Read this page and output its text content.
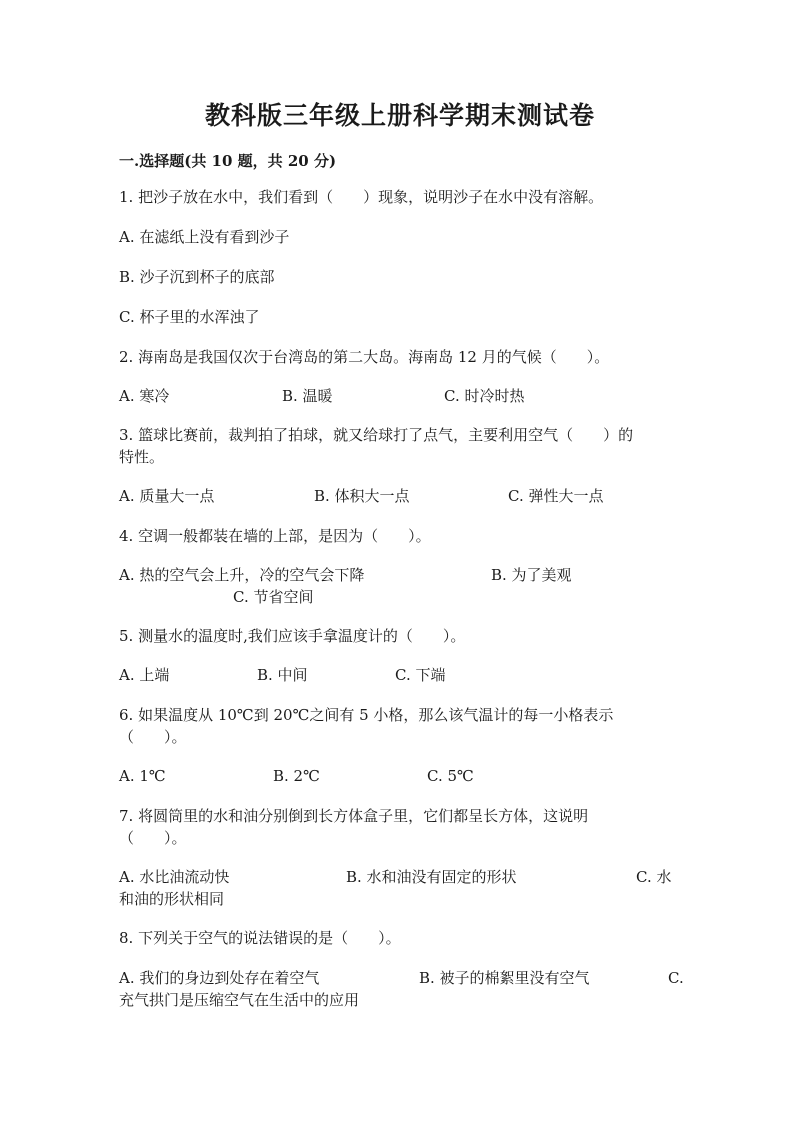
教科版三年级上册科学期末测试卷
一.选择题(共 10 题，共 20 分)
1. 把沙子放在水中，我们看到（　　）现象，说明沙子在水中没有溶解。
A. 在滤纸上没有看到沙子
B. 沙子沉到杯子的底部
C. 杯子里的水浑浊了
2. 海南岛是我国仅次于台湾岛的第二大岛。海南岛 12 月的气候（　　）。
A. 寒冷	B. 温暖	C. 时冷时热
3. 篮球比赛前，裁判拍了拍球，就又给球打了点气，主要利用空气（　　）的
特性。
A. 质量大一点	B. 体积大一点	C. 弹性大一点
4. 空调一般都装在墙的上部，是因为（　　）。
A. 热的空气会上升，冷的空气会下降	B. 为了美观
C. 节省空间
5. 测量水的温度时,我们应该手拿温度计的（　　）。
A. 上端	B. 中间	C. 下端
6. 如果温度从 10℃到 20℃之间有 5 小格，那么该气温计的每一小格表示
（　　）。
A. 1℃	B. 2℃	C. 5℃
7. 将圆筒里的水和油分别倒到长方体盒子里，它们都呈长方体，这说明
（　　）。
A. 水比油流动快	B. 水和油没有固定的形状	C. 水
和油的形状相同
8. 下列关于空气的说法错误的是（　　）。
A. 我们的身边到处存在着空气	B. 被子的棉絮里没有空气	C.
充气拱门是压缩空气在生活中的应用
